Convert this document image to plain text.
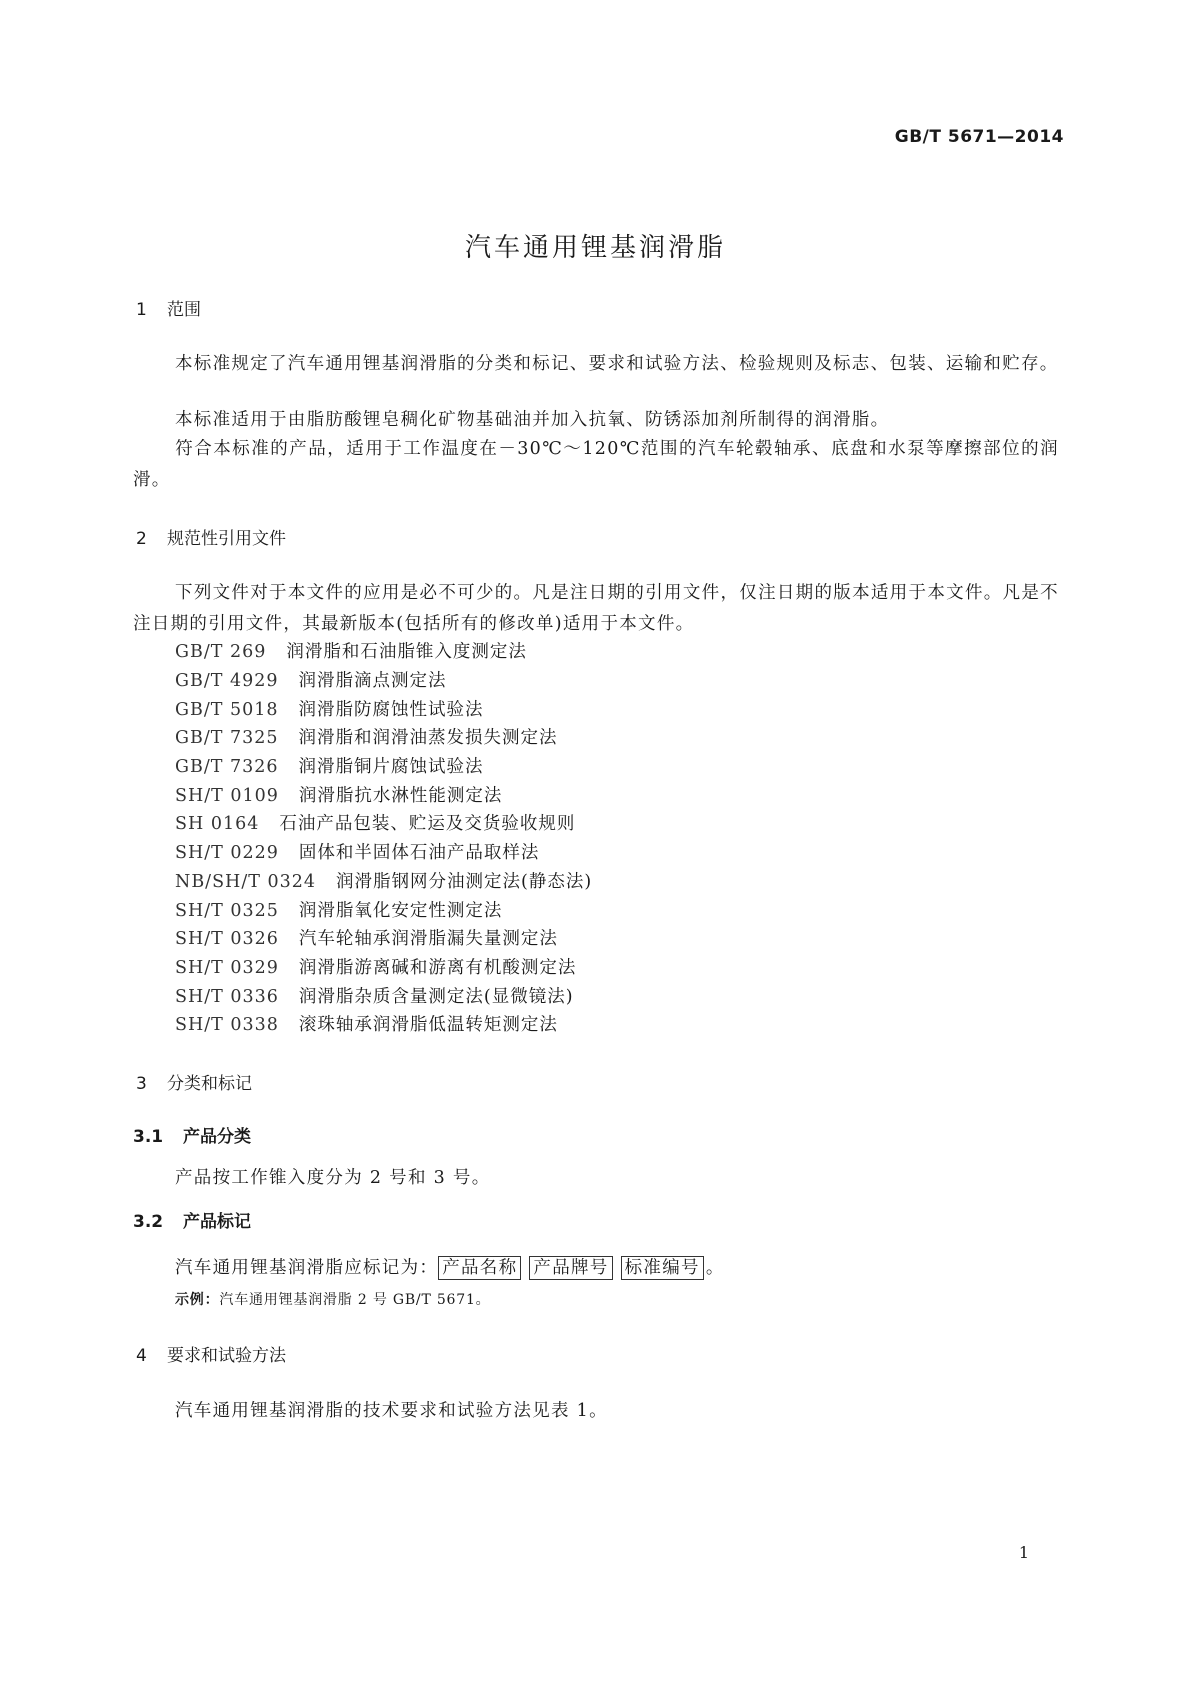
GB/T 5671—2014
汽车通用锂基润滑脂
1 范围
本标准规定了汽车通用锂基润滑脂的分类和标记、要求和试验方法、检验规则及标志、包装、运输和贮存。
本标准适用于由脂肪酸锂皂稠化矿物基础油并加入抗氧、防锈添加剂所制得的润滑脂。
符合本标准的产品，适用于工作温度在－30℃～120℃范围的汽车轮毂轴承、底盘和水泵等摩擦部位的润滑。
2 规范性引用文件
下列文件对于本文件的应用是必不可少的。凡是注日期的引用文件，仅注日期的版本适用于本文件。凡是不注日期的引用文件，其最新版本(包括所有的修改单)适用于本文件。
GB/T 269 润滑脂和石油脂锥入度测定法
GB/T 4929 润滑脂滴点测定法
GB/T 5018 润滑脂防腐蚀性试验法
GB/T 7325 润滑脂和润滑油蒸发损失测定法
GB/T 7326 润滑脂铜片腐蚀试验法
SH/T 0109 润滑脂抗水淋性能测定法
SH 0164 石油产品包装、贮运及交货验收规则
SH/T 0229 固体和半固体石油产品取样法
NB/SH/T 0324 润滑脂钢网分油测定法(静态法)
SH/T 0325 润滑脂氧化安定性测定法
SH/T 0326 汽车轮轴承润滑脂漏失量测定法
SH/T 0329 润滑脂游离碱和游离有机酸测定法
SH/T 0336 润滑脂杂质含量测定法(显微镜法)
SH/T 0338 滚珠轴承润滑脂低温转矩测定法
3 分类和标记
3.1 产品分类
产品按工作锥入度分为 2 号和 3 号。
3.2 产品标记
汽车通用锂基润滑脂应标记为： 产品名称 产品牌号 标准编号 。
示例：汽车通用锂基润滑脂 2 号 GB/T 5671。
4 要求和试验方法
汽车通用锂基润滑脂的技术要求和试验方法见表 1。
1
